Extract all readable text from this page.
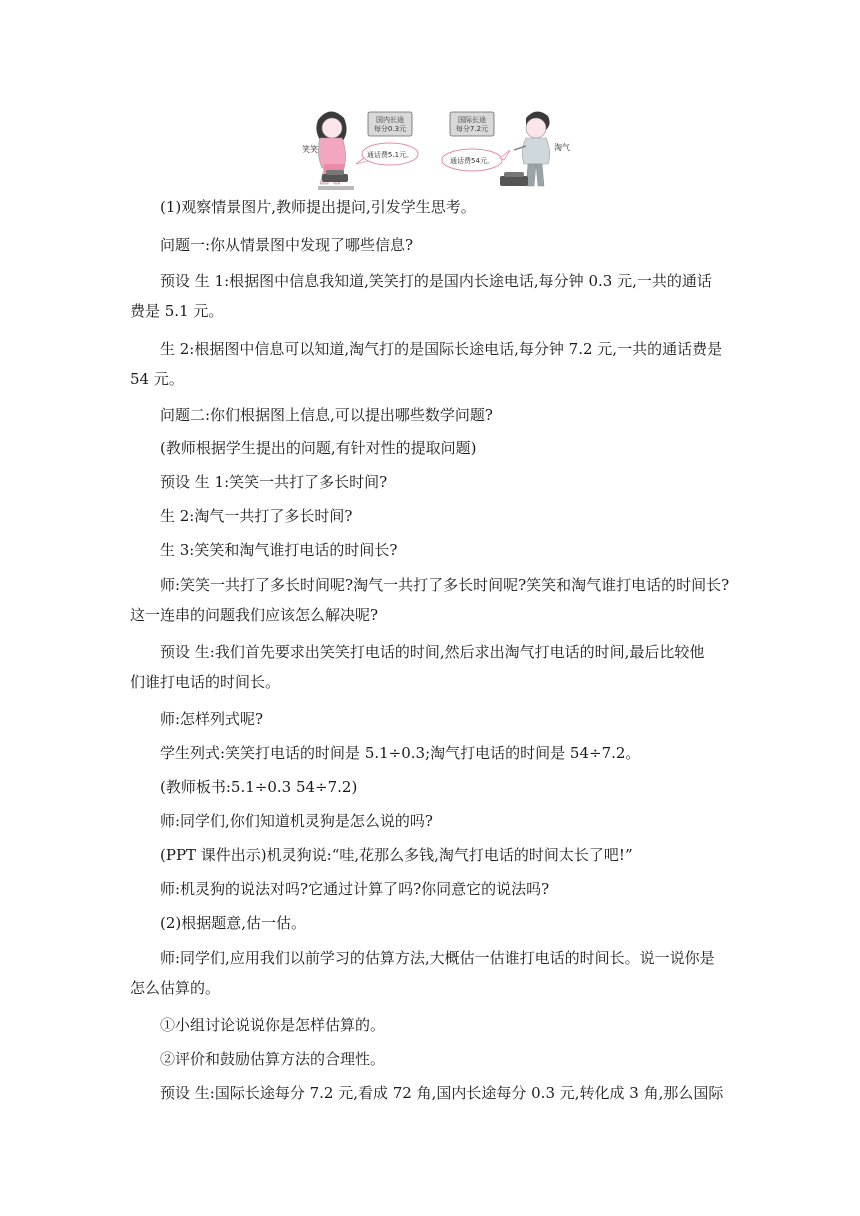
笑笑
国内长途
每分0.3元
通话费5.1元。
国际长途
每分7.2元
通话费54元。
淘气
(1)观察情景图片,教师提出提问,引发学生思考。
问题一:你从情景图中发现了哪些信息?
预设 生 1:根据图中信息我知道,笑笑打的是国内长途电话,每分钟 0.3 元,一共的通话
费是 5.1 元。
生 2:根据图中信息可以知道,淘气打的是国际长途电话,每分钟 7.2 元,一共的通话费是
54 元。
问题二:你们根据图上信息,可以提出哪些数学问题?
(教师根据学生提出的问题,有针对性的提取问题)
预设 生 1:笑笑一共打了多长时间?
生 2:淘气一共打了多长时间?
生 3:笑笑和淘气谁打电话的时间长?
师:笑笑一共打了多长时间呢?淘气一共打了多长时间呢?笑笑和淘气谁打电话的时间长?
这一连串的问题我们应该怎么解决呢?
预设 生:我们首先要求出笑笑打电话的时间,然后求出淘气打电话的时间,最后比较他
们谁打电话的时间长。
师:怎样列式呢?
学生列式:笑笑打电话的时间是 5.1÷0.3;淘气打电话的时间是 54÷7.2。
(教师板书:5.1÷0.3 54÷7.2)
师:同学们,你们知道机灵狗是怎么说的吗?
(PPT 课件出示)机灵狗说:“哇,花那么多钱,淘气打电话的时间太长了吧!”
师:机灵狗的说法对吗?它通过计算了吗?你同意它的说法吗?
(2)根据题意,估一估。
师:同学们,应用我们以前学习的估算方法,大概估一估谁打电话的时间长。说一说你是
怎么估算的。
①小组讨论说说你是怎样估算的。
②评价和鼓励估算方法的合理性。
预设 生:国际长途每分 7.2 元,看成 72 角,国内长途每分 0.3 元,转化成 3 角,那么国际
